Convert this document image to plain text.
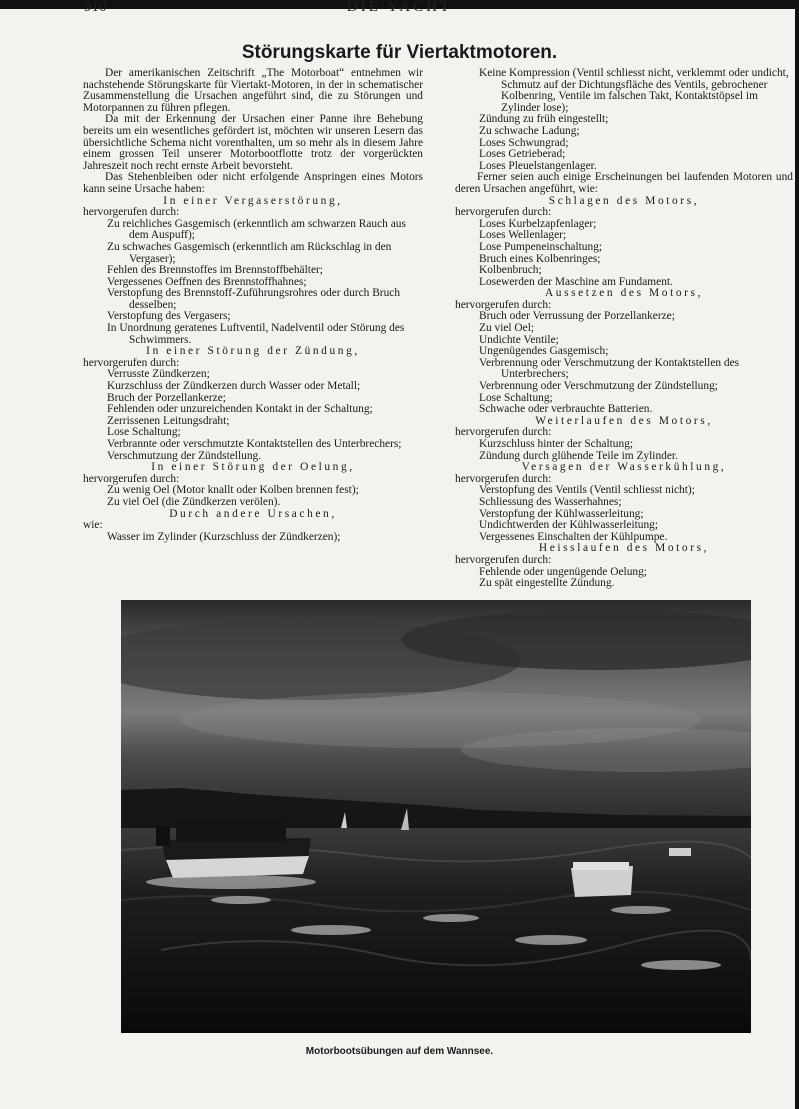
910	DIE YACHT
Störungskarte für Viertaktmotoren.
Der amerikanischen Zeitschrift „The Motorboat“ entnehmen wir nachstehende Störungskarte für Viertakt-Motoren, in der in schematischer Zusammenstellung die Ursachen angeführt sind, die zu Störungen und Motorpannen zu führen pflegen.
Da mit der Erkennung der Ursachen einer Panne ihre Behebung bereits um ein wesentliches gefördert ist, möchten wir unseren Lesern das übersichtliche Schema nicht vorenthalten, um so mehr als in diesem Jahre einem grossen Teil unserer Motorbootflotte trotz der vorgerückten Jahreszeit noch recht ernste Arbeit bevorsteht.
Das Stehenbleiben oder nicht erfolgende Anspringen eines Motors kann seine Ursache haben:
In einer Vergaserstörung,
hervorgerufen durch:
Zu reichliches Gasgemisch (erkenntlich am schwarzen Rauch aus dem Auspuff);
Zu schwaches Gasgemisch (erkenntlich am Rückschlag in den Vergaser);
Fehlen des Brennstoffes im Brennstoffbehälter;
Vergessenes Oeffnen des Brennstoffhahnes;
Verstopfung des Brennstoff-Zuführungsrohres oder durch Bruch desselben;
Verstopfung des Vergasers;
In Unordnung geratenes Luftventil, Nadelventil oder Störung des Schwimmers.
In einer Störung der Zündung,
hervorgerufen durch:
Verrusste Zündkerzen;
Kurzschluss der Zündkerzen durch Wasser oder Metall;
Bruch der Porzellankerze;
Fehlenden oder unzureichenden Kontakt in der Schaltung;
Zerrissenen Leitungsdraht;
Lose Schaltung;
Verbrannte oder verschmutzte Kontaktstellen des Unterbrechers;
Verschmutzung der Zündstellung.
In einer Störung der Oelung,
hervorgerufen durch:
Zu wenig Oel (Motor knallt oder Kolben brennen fest);
Zu viel Oel (die Zündkerzen verölen).
Durch andere Ursachen,
wie:
Wasser im Zylinder (Kurzschluss der Zündkerzen);
Keine Kompression (Ventil schliesst nicht, verklemmt oder undicht, Schmutz auf der Dichtungsfläche des Ventils, gebrochener Kolbenring, Ventile im falschen Takt, Kontaktstöpsel im Zylinder lose);
Zündung zu früh eingestellt;
Zu schwache Ladung;
Loses Schwungrad;
Loses Getrieberad;
Loses Pleuelstangenlager.
Ferner seien auch einige Erscheinungen bei laufenden Motoren und deren Ursachen angeführt, wie:
Schlagen des Motors,
hervorgerufen durch:
Loses Kurbelzapfenlager;
Loses Wellenlager;
Lose Pumpeneinschaltung;
Bruch eines Kolbenringes;
Kolbenbruch;
Losewerden der Maschine am Fundament.
Aussetzen des Motors,
hervorgerufen durch:
Bruch oder Verrussung der Porzellankerze;
Zu viel Oel;
Undichte Ventile;
Ungenügendes Gasgemisch;
Verbrennung oder Verschmutzung der Kontaktstellen des Unterbrechers;
Verbrennung oder Verschmutzung der Zündstellung;
Lose Schaltung;
Schwache oder verbrauchte Batterien.
Weiterlaufen des Motors,
hervorgerufen durch:
Kurzschluss hinter der Schaltung;
Zündung durch glühende Teile im Zylinder.
Versagen der Wasserkühlung,
hervorgerufen durch:
Verstopfung des Ventils (Ventil schliesst nicht);
Schliessung des Wasserhahnes;
Verstopfung der Kühlwasserleitung;
Undichtwerden der Kühlwasserleitung;
Vergessenes Einschalten der Kühlpumpe.
Heisslaufen des Motors,
hervorgerufen durch:
Fehlende oder ungenügende Oelung;
Zu spät eingestellte Zündung.
Motorbootsübungen auf dem Wannsee.
